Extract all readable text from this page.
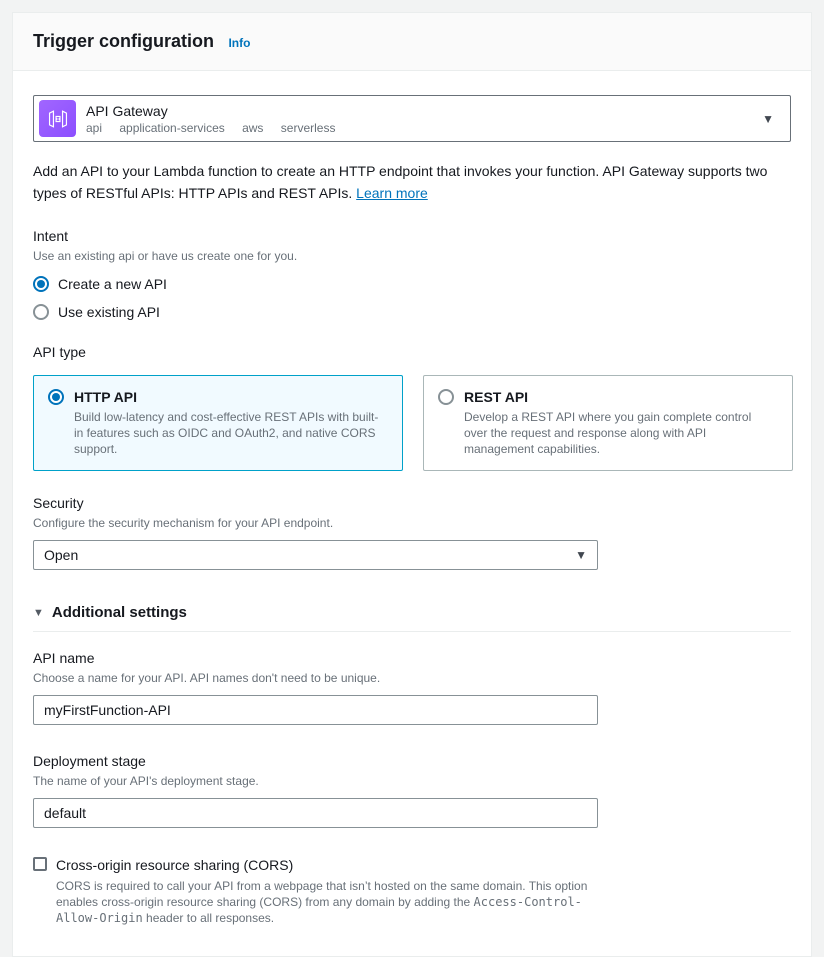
Trigger configuration Info
API Gateway
api application-services aws serverless
▼

Add an API to your Lambda function to create an HTTP endpoint that invokes your function. API Gateway supports two types of RESTful APIs: HTTP APIs and REST APIs. Learn more

Intent
Use an existing api or have us create one for you.
Create a new API
Use existing API
API type
HTTP API
Build low-latency and cost-effective REST APIs with built-in features such as OIDC and OAuth2, and native CORS support.
REST API
Develop a REST API where you gain complete control over the request and response along with API management capabilities.
Security
Configure the security mechanism for your API endpoint.
Open	▼
▼ Additional settings
API name
Choose a name for your API. API names don't need to be unique.
myFirstFunction-API
Deployment stage
The name of your API's deployment stage.
default
Cross-origin resource sharing (CORS)
CORS is required to call your API from a webpage that isn’t hosted on the same domain. This option enables cross-origin resource sharing (CORS) from any domain by adding the Access-Control-Allow-Origin header to all responses.
